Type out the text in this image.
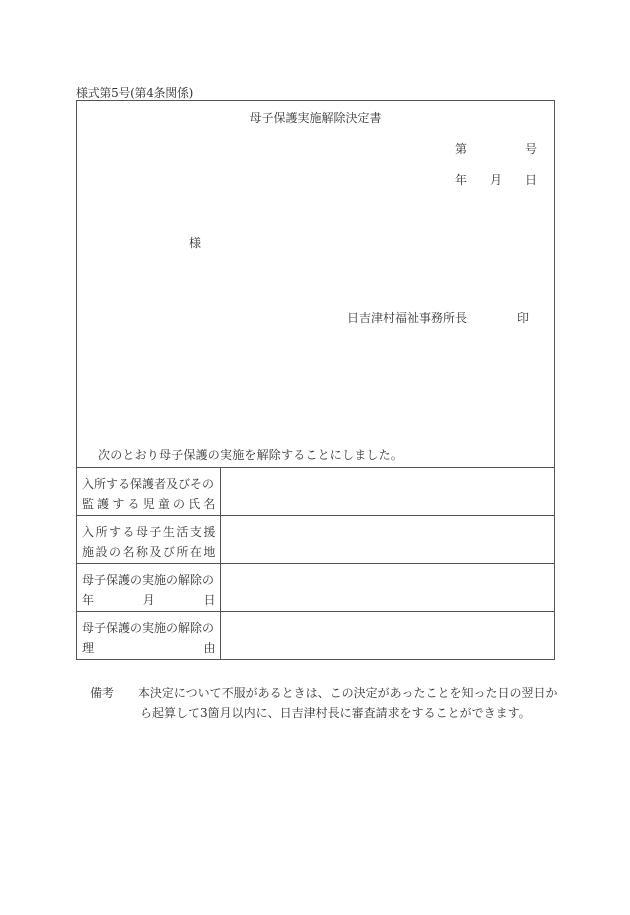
様式第5号(第4条関係)
母子保護実施解除決定書
第	号
年 月 日
様
日吉津村福祉事務所長	印
次のとおり母子保護の実施を解除することにしました。
入所する保護者及びその
監 護 す る 児 童 の 氏 名

入 所 す る 母 子 生 活 支 援
施 設 の 名 称 及 び 所 在 地

母子保護の実施の解除の
年 月 日	

母子保護の実施の解除の
理 由	

備考 本決定について不服があるときは、この決定があったことを知った日の翌日か
ら起算して3箇月以内に、日吉津村長に審査請求をすることができます。
